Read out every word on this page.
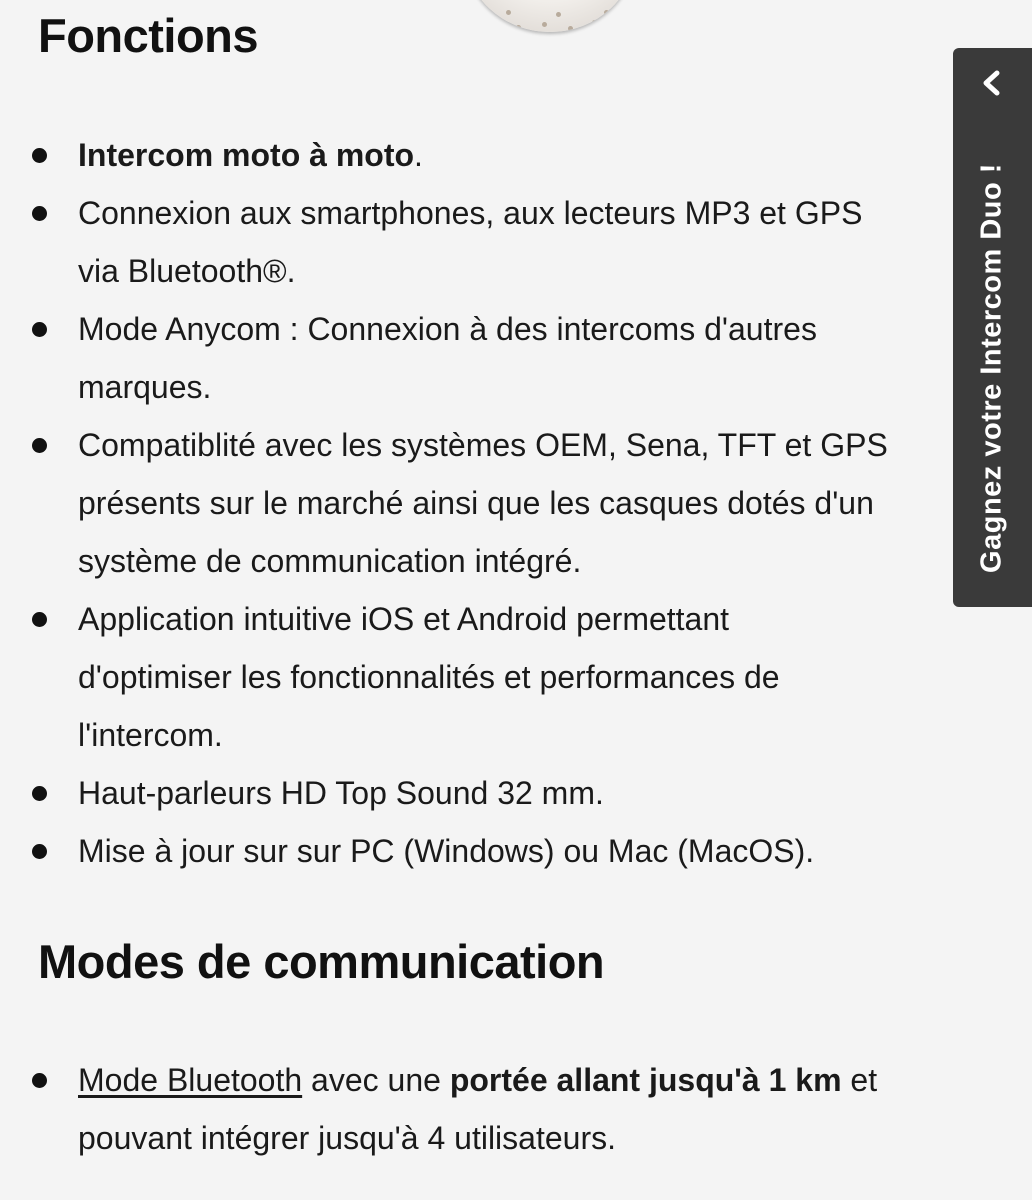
Fonctions
Intercom moto à moto.
Connexion aux smartphones, aux lecteurs MP3 et GPS
via Bluetooth®.
Mode Anycom : Connexion à des intercoms d'autres
marques.
Compatiblité avec les systèmes OEM, Sena, TFT et GPS
présents sur le marché ainsi que les casques dotés d'un
système de communication intégré.
Application intuitive iOS et Android permettant
d'optimiser les fonctionnalités et performances de
l'intercom.
Haut-parleurs HD Top Sound 32 mm.
Mise à jour sur sur PC (Windows) ou Mac (MacOS).
Modes de communication
Mode Bluetooth avec une portée allant jusqu'à 1 km et
pouvant intégrer jusqu'à 4 utilisateurs.
Gagnez votre Intercom Duo !
